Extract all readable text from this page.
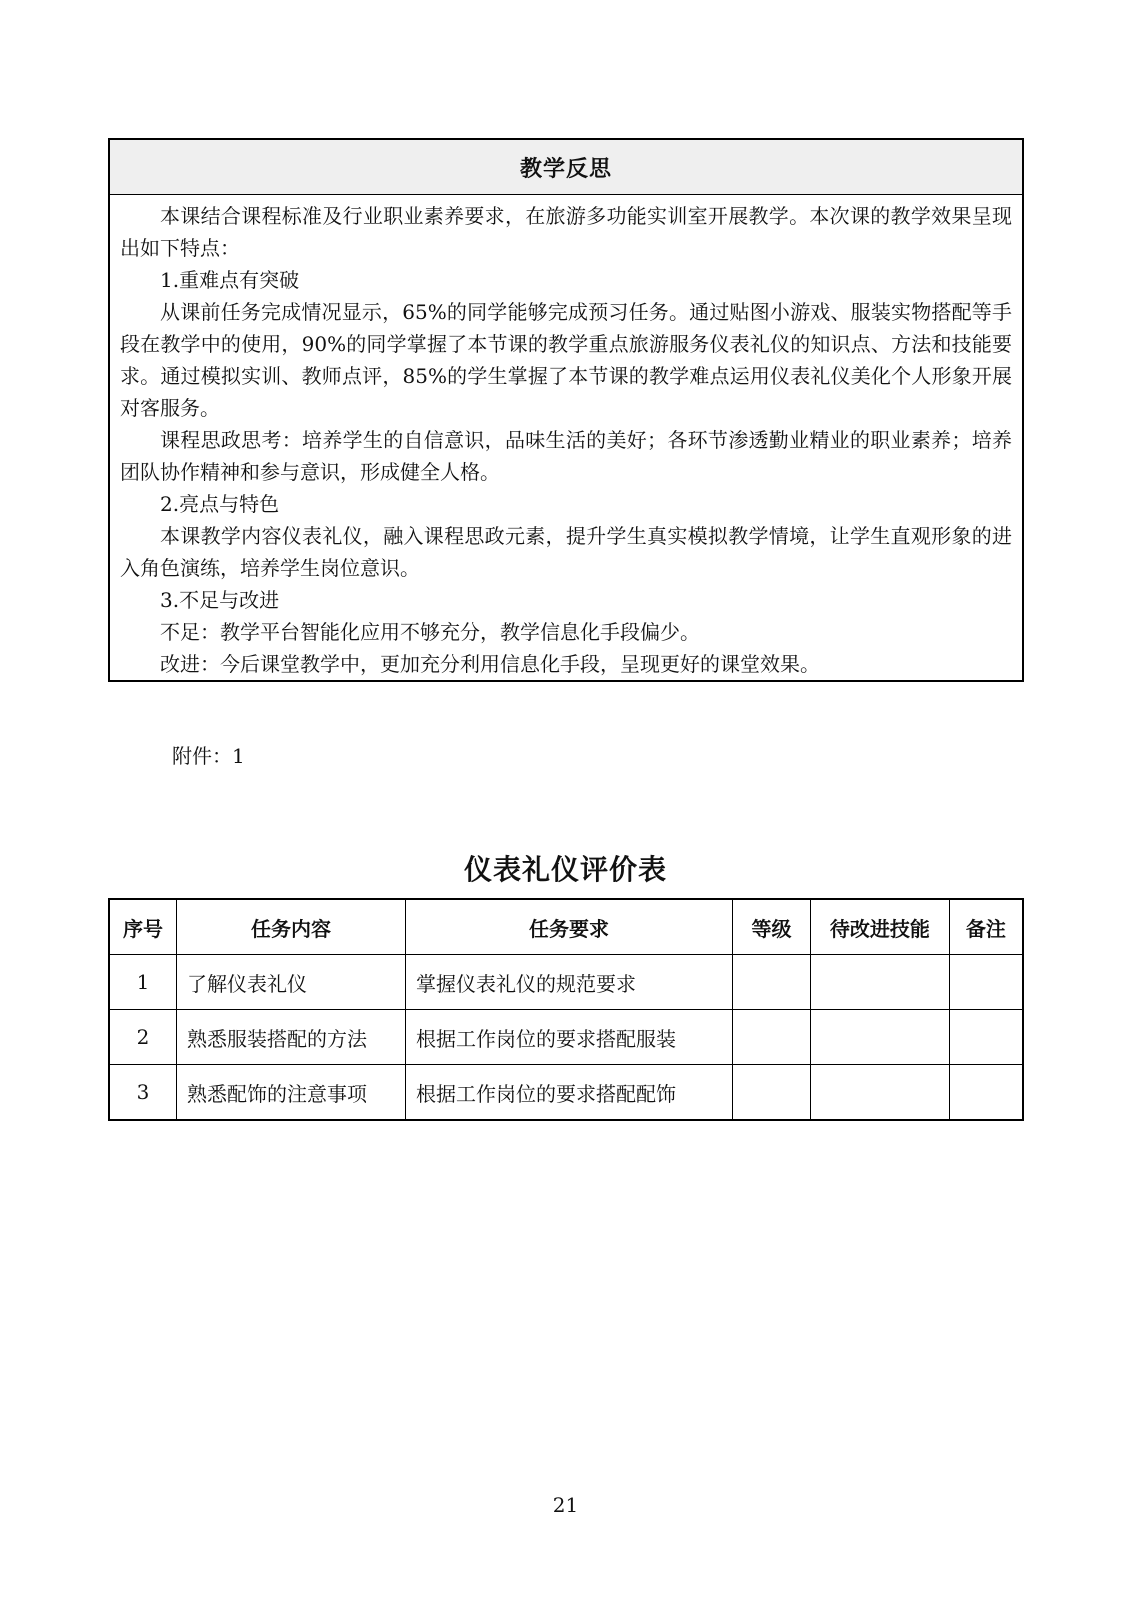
教学反思

本课结合课程标准及行业职业素养要求，在旅游多功能实训室开展教学。本次课的教学效果呈现出如下特点：

1.重难点有突破

从课前任务完成情况显示，65%的同学能够完成预习任务。通过贴图小游戏、服装实物搭配等手段在教学中的使用，90%的同学掌握了本节课的教学重点旅游服务仪表礼仪的知识点、方法和技能要求。通过模拟实训、教师点评，85%的学生掌握了本节课的教学难点运用仪表礼仪美化个人形象开展对客服务。

课程思政思考：培养学生的自信意识，品味生活的美好；各环节渗透勤业精业的职业素养；培养团队协作精神和参与意识，形成健全人格。

2.亮点与特色

本课教学内容仪表礼仪，融入课程思政元素，提升学生真实模拟教学情境，让学生直观形象的进入角色演练，培养学生岗位意识。

3.不足与改进

不足：教学平台智能化应用不够充分，教学信息化手段偏少。

改进：今后课堂教学中，更加充分利用信息化手段，呈现更好的课堂效果。

附件：1
仪表礼仪评价表
序号	任务内容	任务要求	等级	待改进技能	备注
1	了解仪表礼仪	掌握仪表礼仪的规范要求			
2	熟悉服装搭配的方法	根据工作岗位的要求搭配服装			
3	熟悉配饰的注意事项	根据工作岗位的要求搭配配饰			
21
